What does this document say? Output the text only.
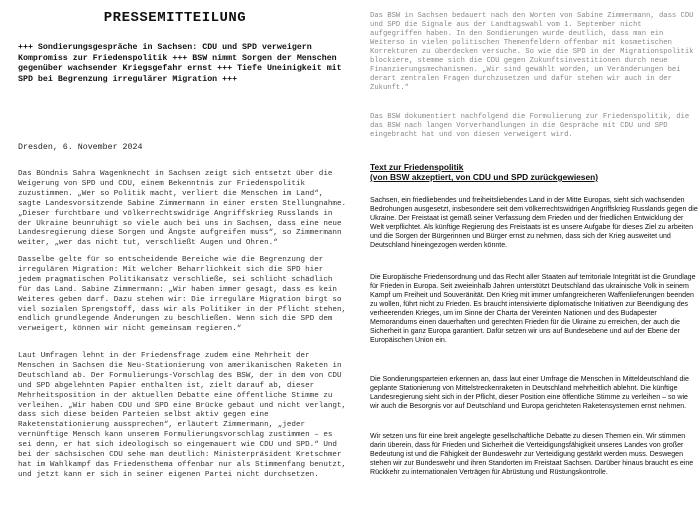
PRESSEMITTEILUNG

+++ Sondierungsgespräche in Sachsen: CDU und SPD verweigern Kompromiss zur Friedenspolitik +++ BSW nimmt Sorgen der Menschen gegenüber wachsender Kriegsgefahr ernst +++ Tiefe Uneinigkeit mit SPD bei Begrenzung irregulärer Migration +++

Dresden, 6. November 2024

Das Bündnis Sahra Wagenknecht in Sachsen zeigt sich entsetzt über die Weigerung von SPD und CDU, einem Bekenntnis zur Friedenspolitik zuzustimmen. „Wer so Politik macht, verliert die Menschen im Land“, sagte Landesvorsitzende Sabine Zimmermann in einer ersten Stellungnahme. „Dieser furchtbare und völkerrechtswidrige Angriffskrieg Russlands in der Ukraine beunruhigt so viele auch bei uns in Sachsen, dass eine neue Landesregierung diese Sorgen und Ängste aufgreifen muss“, so Zimmermann weiter, „wer das nicht tut, verschließt Augen und Ohren.“

Dasselbe gelte für so entscheidende Bereiche wie die Begrenzung der irregulären Migration: Mit welcher Beharrlichkeit sich die SPD hier jedem pragmatischen Politikansatz verschließe, sei schlicht schädlich für das Land. Sabine Zimmermann: „Wir haben immer gesagt, dass es kein Weiteres geben darf. Dazu stehen wir: Die irreguläre Migration birgt so viel sozialen Sprengstoff, dass wir als Politiker in der Pflicht stehen, endlich grundlegende Änderungen zu beschließen. Wenn sich die SPD dem verweigert, können wir nicht gemeinsam regieren.“

Laut Umfragen lehnt in der Friedensfrage zudem eine Mehrheit der Menschen in Sachsen die Neu-Stationierung von amerikanischen Raketen in Deutschland ab. Der Formulierungs-Vorschlag des BSW, der in dem von CDU und SPD abgelehnten Papier enthalten ist, zielt darauf ab, dieser Mehrheitsposition in der aktuellen Debatte eine öffentliche Stimme zu verleihen. „Wir haben CDU und SPD eine Brücke gebaut und nicht verlangt, dass sich diese beiden Parteien selbst aktiv gegen eine Raketenstationierung aussprechen“, erläutert Zimmermann, „jeder vernünftige Mensch kann unserem Formulierungsvorschlag zustimmen – es sei denn, er hat sich ideologisch so eingemauert wie CDU und SPD.“ Und bei der sächsischen CDU sehe man deutlich: Ministerpräsident Kretschmer hat im Wahlkampf das Friedensthema offenbar nur als Stimmenfang benutzt, und jetzt kann er sich in seiner eigenen Partei nicht durchsetzen.

Das BSW in Sachsen bedauert nach den Worten von Sabine Zimmermann, dass CDU und SPD die Signale aus der Landtagswahl vom 1. September nicht aufgegriffen haben. In den Sondierungen wurde deutlich, dass man ein Weiterso in vielen politischen Themenfeldern offenbar mit kosmetischen Korrekturen zu überdecken versuche. So wie die SPD in der Migrationspolitik blockiere, stemme sich die CDU gegen Zukunftsinvestitionen durch neue Finanzierungsmechanismen. „Wir sind gewählt worden, um Veränderungen bei derart zentralen Fragen durchzusetzen und dafür stehen wir auch in der Zukunft.“

Das BSW dokumentiert nachfolgend die Formulierung zur Friedenspolitik, die das BSW nach langen Vorverhandlungen in die Gespräche mit CDU und SPD eingebracht hat und von diesen verweigert wird.

Text zur Friedenspolitik
(von BSW akzeptiert, von CDU und SPD zurückgewiesen)

Sachsen, ein friedliebendes und freiheitsliebendes Land in der Mitte Europas, sieht sich wachsenden Bedrohungen ausgesetzt, insbesondere seit dem völkerrechtswidrigen Angriffskrieg Russlands gegen die Ukraine. Der Freistaat ist gemäß seiner Verfassung dem Frieden und der friedlichen Entwicklung der Welt verpflichtet. Als künftige Regierung des Freistaats ist es unsere Aufgabe für dieses Ziel zu arbeiten und die Sorgen der Bürgerinnen und Bürger ernst zu nehmen, dass sich der Krieg ausweitet und Deutschland hineingezogen werden könnte.

Die Europäische Friedensordnung und das Recht aller Staaten auf territoriale Integrität ist die Grundlage für Frieden in Europa. Seit zweieinhalb Jahren unterstützt Deutschland das ukrainische Volk in seinem Kampf um Freiheit und Souveränität. Den Krieg mit immer umfangreicheren Waffenlieferungen beenden zu wollen, führt nicht zu Frieden. Es braucht intensivierte diplomatische Initiativen zur Beendigung des verheerenden Krieges, um im Sinne der Charta der Vereinten Nationen und des Budapester Memorandums einen dauerhaften und gerechten Frieden für die Ukraine zu erreichen, der auch die Sicherheit in ganz Europa garantiert. Dafür setzen wir uns auf Bundesebene und auf der Ebene der Europäischen Union ein.

Die Sondierungsparteien erkennen an, dass laut einer Umfrage die Menschen in Mitteldeutschland die geplante Stationierung von Mittelstreckenraketen in Deutschland mehrheitlich ablehnt. Die künftige Landesregierung sieht sich in der Pflicht, dieser Position eine öffentliche Stimme zu verleihen – so wie wir auch die Besorgnis vor auf Deutschland und Europa gerichteten Raketensystemen ernst nehmen.

Wir setzen uns für eine breit angelegte gesellschaftliche Debatte zu diesen Themen ein. Wir stimmen darin überein, dass für Frieden und Sicherheit die Verteidigungsfähigkeit unseres Landes von großer Bedeutung ist und die Fähigkeit der Bundeswehr zur Verteidigung gestärkt werden muss. Deswegen stehen wir zur Bundeswehr und ihren Standorten im Freistaat Sachsen. Darüber hinaus braucht es eine Rückkehr zu internationalen Verträgen für Abrüstung und Rüstungskontrolle.
